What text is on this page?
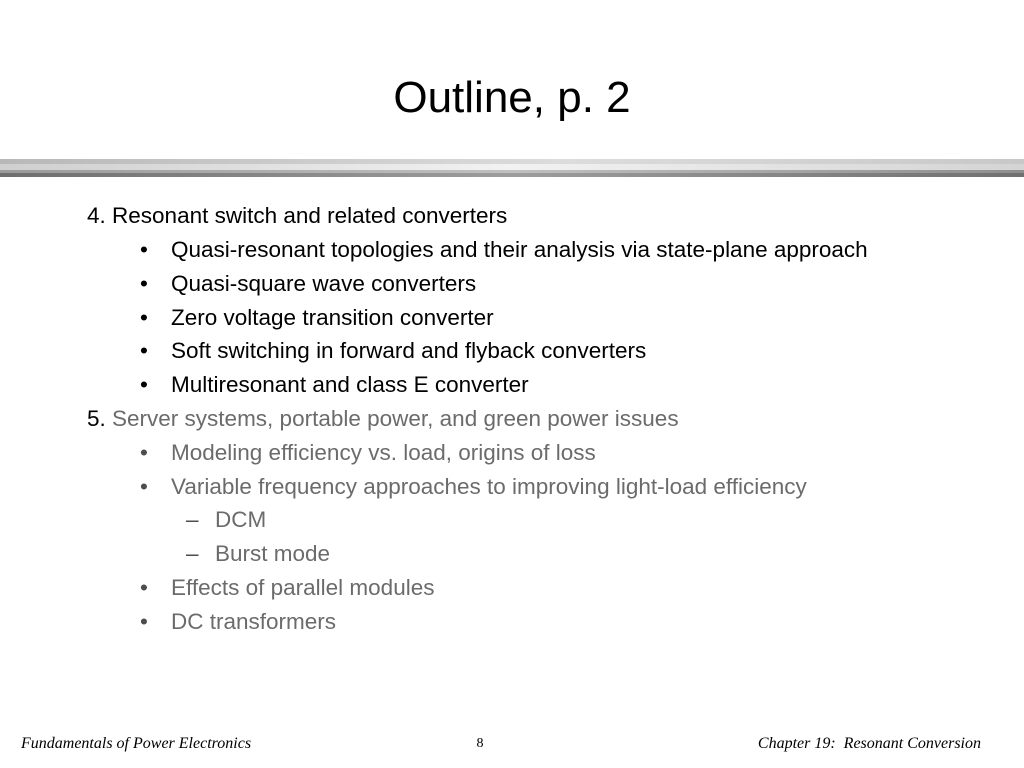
Outline, p. 2
4. Resonant switch and related converters
• Quasi-resonant topologies and their analysis via state-plane approach
• Quasi-square wave converters
• Zero voltage transition converter
• Soft switching in forward and flyback converters
• Multiresonant and class E converter
5. Server systems, portable power, and green power issues
• Modeling efficiency vs. load, origins of loss
• Variable frequency approaches to improving light-load efficiency
– DCM
– Burst mode
• Effects of parallel modules
• DC transformers
Fundamentals of Power Electronics	8	Chapter 19:  Resonant Conversion
